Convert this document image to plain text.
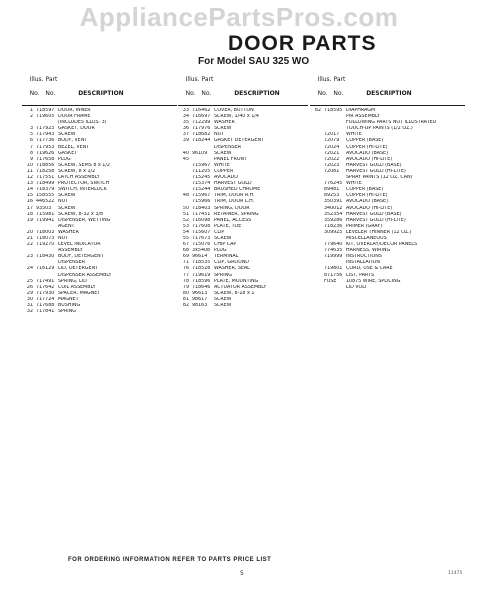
AppliancePartsPros.com
DOOR PARTS
For Model SAU 325 WO

Illus. Part

No. No.	DESCRIPTION

1 718597 DOOR, INNER
2 719605 DOOR FRAME
(INCLUDES ILLUS. 3)
3 717923 GASKET, DOOR
5 717943 SCREW
6 717736 BODY, VENT
7 717953 BEZEL, VENT
8 719626 GASKET
9 717658 PLUG
10 718856 SCREW, SEMS 8 x 1/2
11 718258 SCREW, 8 x 1/2
12 717551 LATCH ASSEMBLY
13 718499 PROTECTOR, SWITCH
14 718379 SWITCH, INTERLOCK
15 158555 SCREW
16 446522 NUT
17 93503	SCREW
18 715981 SCREW, 8-32 x 3/8
19 719941 DISPENSER, WETTING
AGENT
20 718003 WASHER
21 718073 NUT
22 719270 LEVEL INDICATOR
ASSEMBLY
23 718430 BODY, DETERGENT
DISPENSER
24 716129 LID, DETERGENT
DISPENSER ASSEMBLY
25 717491 SPRING, LID
26 717642 COIL ASSEMBLY
29 717930 SPACER, MAGNET
30 717724 MAGNET
31 717688 BUSHING
32 717841 SPRING

Illus. Part

No. No.	DESCRIPTION

33 716462 COVER, BUTTON
34 716697 SCREW, 1/40 x 1/4
35 712299 WASHER
36 717976 SCREW
37 718682 NUT
39 718244 GASKET DETERGENT
DISPENSER
40 96109	SCREW
45	PANEL FRONT
715967 WHITE
711205 COPPER
715245 AVOCADO
715374 HARVEST GOLD
715244 BRUSHED CHROME
48 715967 TRIM, DOOR R.H.
715966 TRIM, DOOR L.H.
50 718403 SPRING, DOOR
51 717451 RETAINER, SPRING
52 716098 PANEL, ACCESS
53 717608 PLATE, TOE
54 715607 CLIP
55 717673 SCREW
67 715076 CHIP CAP
68 3x5408 PLUG
69 96614	TERMINAL
71 718535 CLIP, GROUND
76 718528 WASHER, SEAL
77 719619 SPRING
78 718596 PLATE, MOUNTING
79 718646 ACTUATOR ASSEMBLY
80 96613	SCREW, 8-18 x 1
81 98617	SCREW
82 98163	SCREW

Illus. Part

No. No.	DESCRIPTION

82 718595 DIAPHRAGM
PIR ASSEMBLY
FOLLOWING PARTS NOT ILLUSTRATED
TOUCH-UP PAINTS (1/2 OZ.)
72017	WHITE
72079	COPPER (BASE)
72024	COPPER (HI-LITE)
72021	AVOCADO (BASE)
72022	AVOCADO (HI-LITE)
72023	HARVEST GOLD (BASE)
72081	HARVEST GOLD (HI-LITE)
SPRAY PAINTS (12 OZ. CAN)
776245 WHITE
89481	COPPER (BASE)
89253	COPPER (HI-LITE)
350391 AVOCADO (BASE)
340012 AVOCADO (HI-LITE)
352354 HARVEST GOLD (BASE)
359286 HARVEST GOLD (HI-LITE)
718236 PRIMER (GRAY)
309925 LEVELER THINNER (12 OZ.)
MISCELLANEOUS
779640 KIT, OVERLAY/DECOR PANELS
774635 HARNESS, WIRING
719999 INSTRUCTIONS
INSTALLATION
719801 CORD, USE & CARE
871756 LIST, PARTS
FUSE	10875 WIRE, SPLICING
LID VOLT
FOR ORDERING INFORMATION REFER TO PARTS PRICE LIST
5	11475
